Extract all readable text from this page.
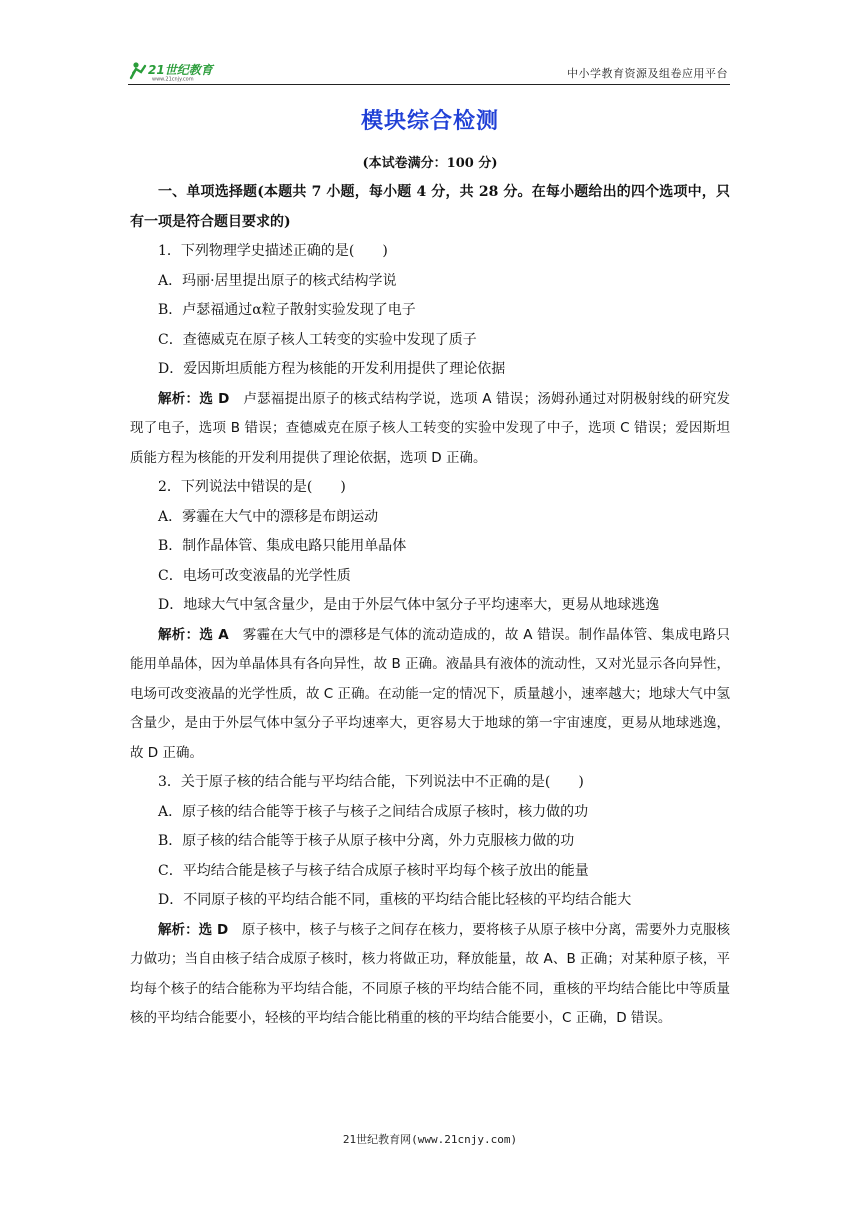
21世纪教育
www.21cnjy.com	中小学教育资源及组卷应用平台
模块综合检测
(本试卷满分：100 分)

一、单项选择题(本题共 7 小题，每小题 4 分，共 28 分。在每小题给出的四个选项中，只有一项是符合题目要求的)

1．下列物理学史描述正确的是(　　)

A．玛丽·居里提出原子的核式结构学说

B．卢瑟福通过α粒子散射实验发现了电子

C．查德威克在原子核人工转变的实验中发现了质子

D．爱因斯坦质能方程为核能的开发利用提供了理论依据

解析：选 D　卢瑟福提出原子的核式结构学说，选项 A 错误；汤姆孙通过对阴极射线的研究发现了电子，选项 B 错误；查德威克在原子核人工转变的实验中发现了中子，选项 C 错误；爱因斯坦质能方程为核能的开发利用提供了理论依据，选项 D 正确。

2．下列说法中错误的是(　　)

A．雾霾在大气中的漂移是布朗运动

B．制作晶体管、集成电路只能用单晶体

C．电场可改变液晶的光学性质

D．地球大气中氢含量少，是由于外层气体中氢分子平均速率大，更易从地球逃逸

解析：选 A　雾霾在大气中的漂移是气体的流动造成的，故 A 错误。制作晶体管、集成电路只能用单晶体，因为单晶体具有各向异性，故 B 正确。液晶具有液体的流动性，又对光显示各向异性，电场可改变液晶的光学性质，故 C 正确。在动能一定的情况下，质量越小，速率越大；地球大气中氢含量少，是由于外层气体中氢分子平均速率大，更容易大于地球的第一宇宙速度，更易从地球逃逸，故 D 正确。

3．关于原子核的结合能与平均结合能，下列说法中不正确的是(　　)

A．原子核的结合能等于核子与核子之间结合成原子核时，核力做的功

B．原子核的结合能等于核子从原子核中分离，外力克服核力做的功

C．平均结合能是核子与核子结合成原子核时平均每个核子放出的能量

D．不同原子核的平均结合能不同，重核的平均结合能比轻核的平均结合能大

解析：选 D　原子核中，核子与核子之间存在核力，要将核子从原子核中分离，需要外力克服核力做功；当自由核子结合成原子核时，核力将做正功，释放能量，故 A、B 正确；对某种原子核，平均每个核子的结合能称为平均结合能，不同原子核的平均结合能不同，重核的平均结合能比中等质量核的平均结合能要小，轻核的平均结合能比稍重的核的平均结合能要小，C 正确，D 错误。

21世纪教育网(www.21cnjy.com)
